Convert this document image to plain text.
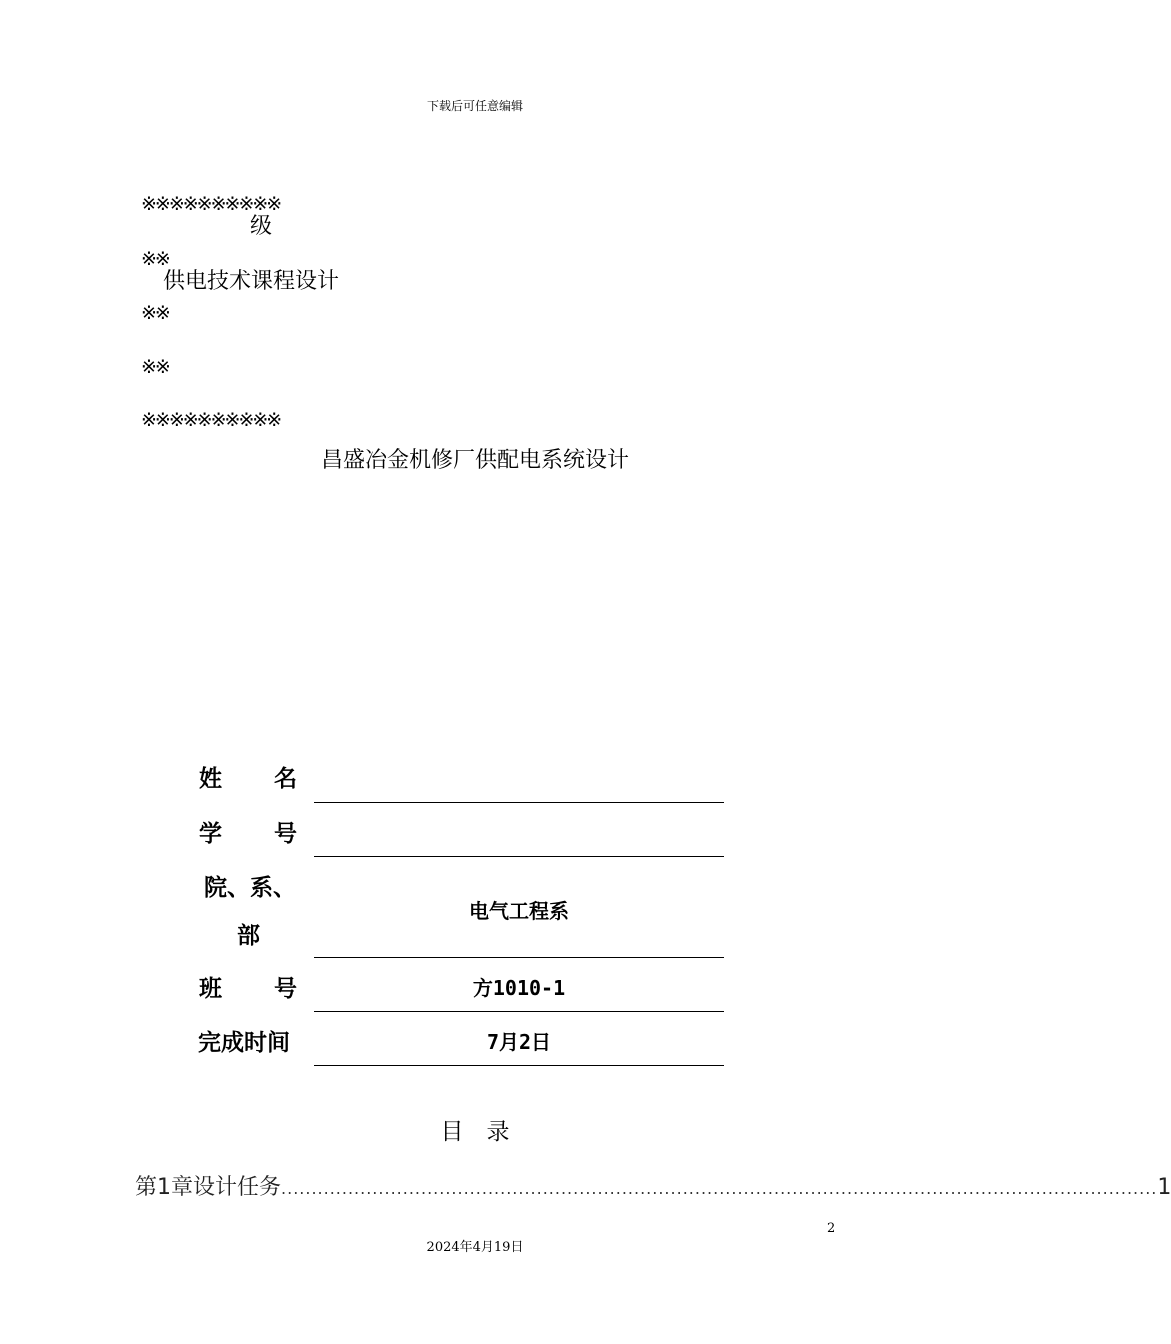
下载后可任意编辑
※※※※※※※※※※
级
※※
供电技术课程设计
※※
※※
※※※※※※※※※※
昌盛冶金机修厂供配电系统设计
姓 名
学 号
院、系、
部
电气工程系
班 号	方1010-1
完成时间	7月2日
目　录
第1章 设计任务 ................................................................................................................................................ 1
2
2024年4月19日
